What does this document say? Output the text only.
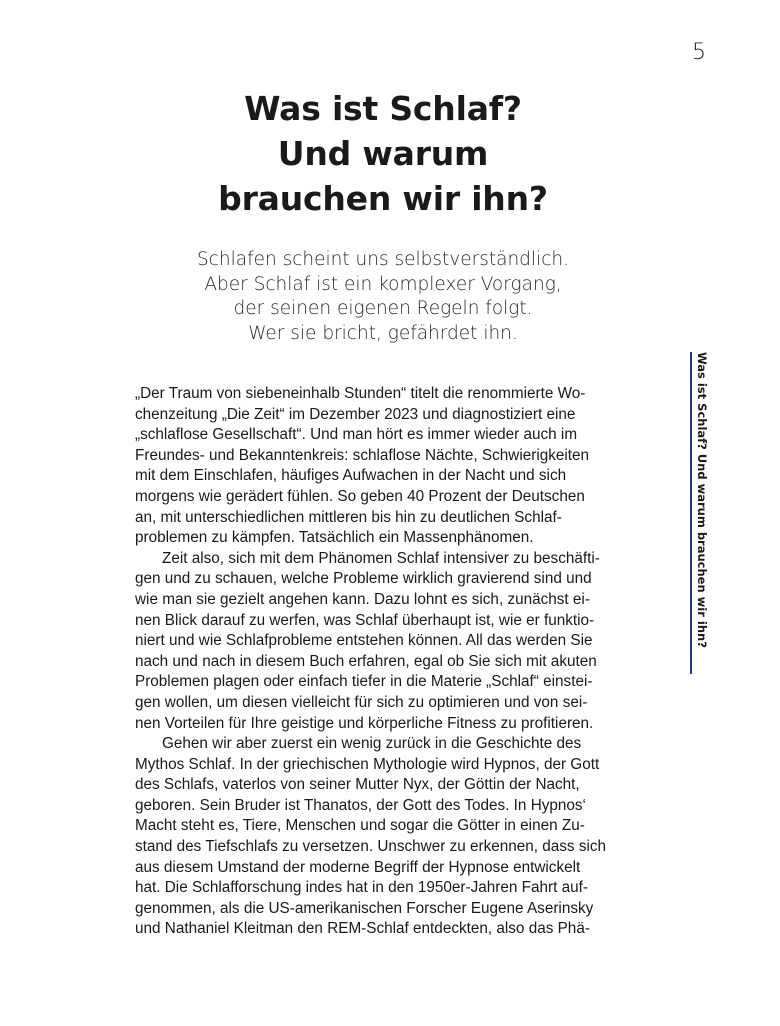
5
Was ist Schlaf?
Und warum
brauchen wir ihn?
Schlafen scheint uns selbstverständlich.
Aber Schlaf ist ein komplexer Vorgang,
der seinen eigenen Regeln folgt.
Wer sie bricht, gefährdet ihn.
Was ist Schlaf? Und warum brauchen wir ihn?
„Der Traum von siebeneinhalb Stunden“ titelt die renommierte Wo-
chenzeitung „Die Zeit“ im Dezember 2023 und diagnostiziert eine
„schlaflose Gesellschaft“. Und man hört es immer wieder auch im
Freundes- und Bekanntenkreis: schlaflose Nächte, Schwierigkeiten
mit dem Einschlafen, häufiges Aufwachen in der Nacht und sich
morgens wie gerädert fühlen. So geben 40 Prozent der Deutschen
an, mit unterschiedlichen mittleren bis hin zu deutlichen Schlaf-
problemen zu kämpfen. Tatsächlich ein Massenphänomen.
Zeit also, sich mit dem Phänomen Schlaf intensiver zu beschäfti-
gen und zu schauen, welche Probleme wirklich gravierend sind und
wie man sie gezielt angehen kann. Dazu lohnt es sich, zunächst ei-
nen Blick darauf zu werfen, was Schlaf überhaupt ist, wie er funktio-
niert und wie Schlafprobleme entstehen können. All das werden Sie
nach und nach in diesem Buch erfahren, egal ob Sie sich mit akuten
Problemen plagen oder einfach tiefer in die Materie „Schlaf“ einstei-
gen wollen, um diesen vielleicht für sich zu optimieren und von sei-
nen Vorteilen für Ihre geistige und körperliche Fitness zu profitieren.
Gehen wir aber zuerst ein wenig zurück in die Geschichte des
Mythos Schlaf. In der griechischen Mythologie wird Hypnos, der Gott
des Schlafs, vaterlos von seiner Mutter Nyx, der Göttin der Nacht,
geboren. Sein Bruder ist Thanatos, der Gott des Todes. In Hypnos‘
Macht steht es, Tiere, Menschen und sogar die Götter in einen Zu-
stand des Tiefschlafs zu versetzen. Unschwer zu erkennen, dass sich
aus diesem Umstand der moderne Begriff der Hypnose entwickelt
hat. Die Schlafforschung indes hat in den 1950er-Jahren Fahrt auf-
genommen, als die US-amerikanischen Forscher Eugene Aserinsky
und Nathaniel Kleitman den REM-Schlaf entdeckten, also das Phä-
